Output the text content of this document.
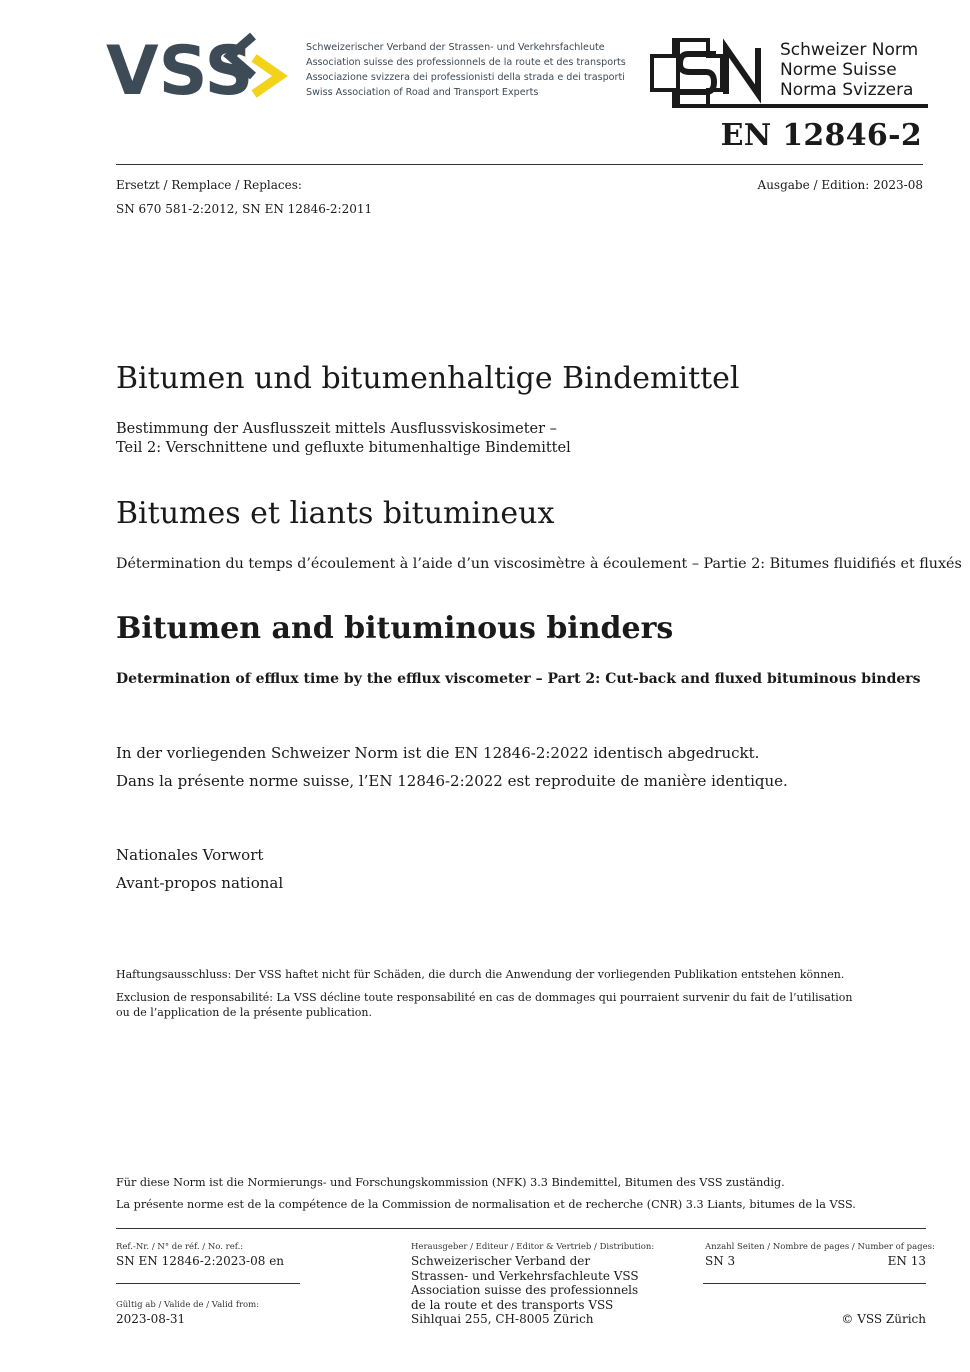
VSS	Schweizerischer Verband der Strassen- und Verkehrsfachleute
Association suisse des professionnels de la route et des transports
Associazione svizzera dei professionisti della strada e dei trasporti
Swiss Association of Road and Transport Experts
Schweizer Norm
Norme Suisse
Norma Svizzera
EN 12846-2
Ersetzt / Remplace / Replaces:	Ausgabe / Edition: 2023-08
SN 670 581-2:2012, SN EN 12846-2:2011
Bitumen und bitumenhaltige Bindemittel
Bestimmung der Ausflusszeit mittels Ausflussviskosimeter –
Teil 2: Verschnittene und gefluxte bitumenhaltige Bindemittel
Bitumes et liants bitumineux
Détermination du temps d’écoulement à l’aide d’un viscosimètre à écoulement – Partie 2: Bitumes fluidifiés et fluxés
Bitumen and bituminous binders
Determination of efflux time by the efflux viscometer – Part 2: Cut-back and fluxed bituminous binders
In der vorliegenden Schweizer Norm ist die EN 12846-2:2022 identisch abgedruckt.
Dans la présente norme suisse, l’EN 12846-2:2022 est reproduite de manière identique.
Nationales Vorwort
Avant-propos national
Haftungsausschluss: Der VSS haftet nicht für Schäden, die durch die Anwendung der vorliegenden Publikation entstehen können.
Exclusion de responsabilité: La VSS décline toute responsabilité en cas de dommages qui pourraient survenir du fait de l’utilisation
ou de l’application de la présente publication.
Für diese Norm ist die Normierungs- und Forschungskommission (NFK) 3.3 Bindemittel, Bitumen des VSS zuständig.
La présente norme est de la compétence de la Commission de normalisation et de recherche (CNR) 3.3 Liants, bitumes de la VSS.
Ref.-Nr. / N° de réf. / No. ref.:
SN EN 12846-2:2023-08 en
Gültig ab / Valide de / Valid from:
2023-08-31
Herausgeber / Editeur / Editor & Vertrieb / Distribution:
Schweizerischer Verband der
Strassen- und Verkehrsfachleute VSS
Association suisse des professionnels
de la route et des transports VSS
Sihlquai 255, CH-8005 Zürich
Anzahl Seiten / Nombre de pages / Number of pages:
SN 3	EN 13
© VSS Zürich
